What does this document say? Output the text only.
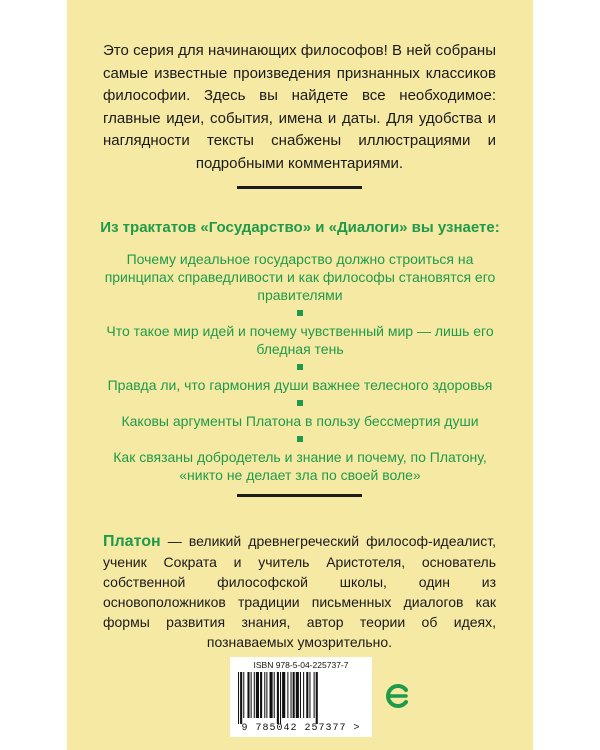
Это серия для начинающих философов! В ней собраны самые известные произведения признанных классиков философии. Здесь вы найдете все необходимое: главные идеи, события, имена и даты. Для удобства и наглядности тексты снабжены иллюстрациями и подробными комментариями.
Из трактатов «Государство» и «Диалоги» вы узнаете:
Почему идеальное государство должно строиться на принципах справедливости и как философы становятся его правителями
Что такое мир идей и почему чувственный мир — лишь его бледная тень
Правда ли, что гармония души важнее телесного здоровья
Каковы аргументы Платона в пользу бессмертия души
Как связаны добродетель и знание и почему, по Платону, «никто не делает зла по своей воле»
Платон — великий древнегреческий философ-идеалист, ученик Сократа и учитель Аристотеля, основатель собственной философской школы, один из основоположников традиции письменных диалогов как формы развития знания, автор теории об идеях, познаваемых умозрительно.
ISBN 978-5-04-225737-7
9 785042 257377 >
